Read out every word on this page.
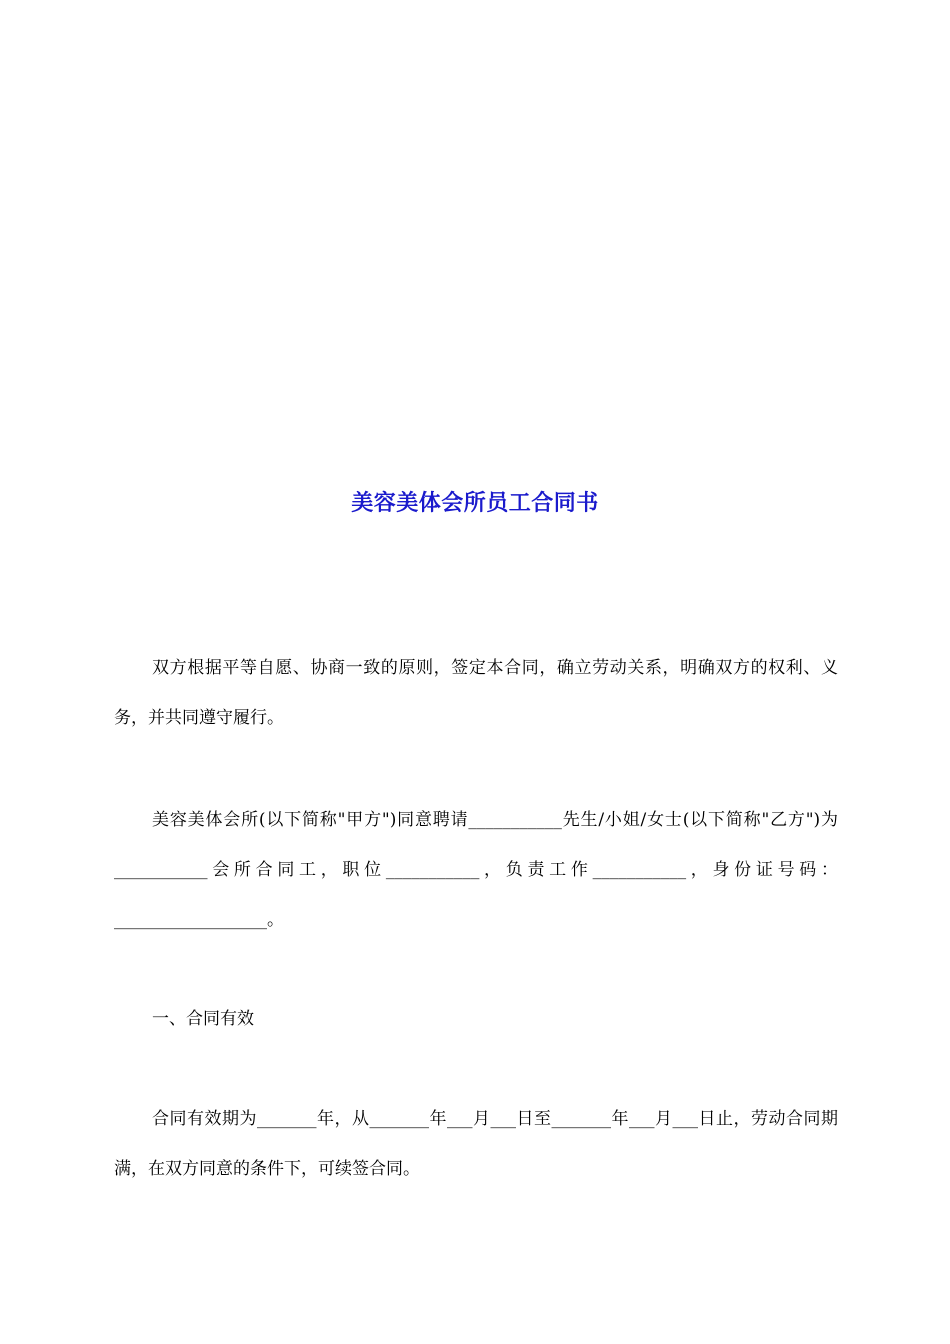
美容美体会所员工合同书
双方根据平等自愿、协商一致的原则，签定本合同，确立劳动关系，明确双方的权利、义务，并共同遵守履行。
美容美体会所(以下简称"甲方")同意聘请___________先生/小姐/女士(以下简称"乙方")为___________会所合同工，职位___________，负责工作___________，身份证号码：__________________。
一、合同有效
合同有效期为_______年，从_______年___月___日至_______年___月___日止，劳动合同期满，在双方同意的条件下，可续签合同。
